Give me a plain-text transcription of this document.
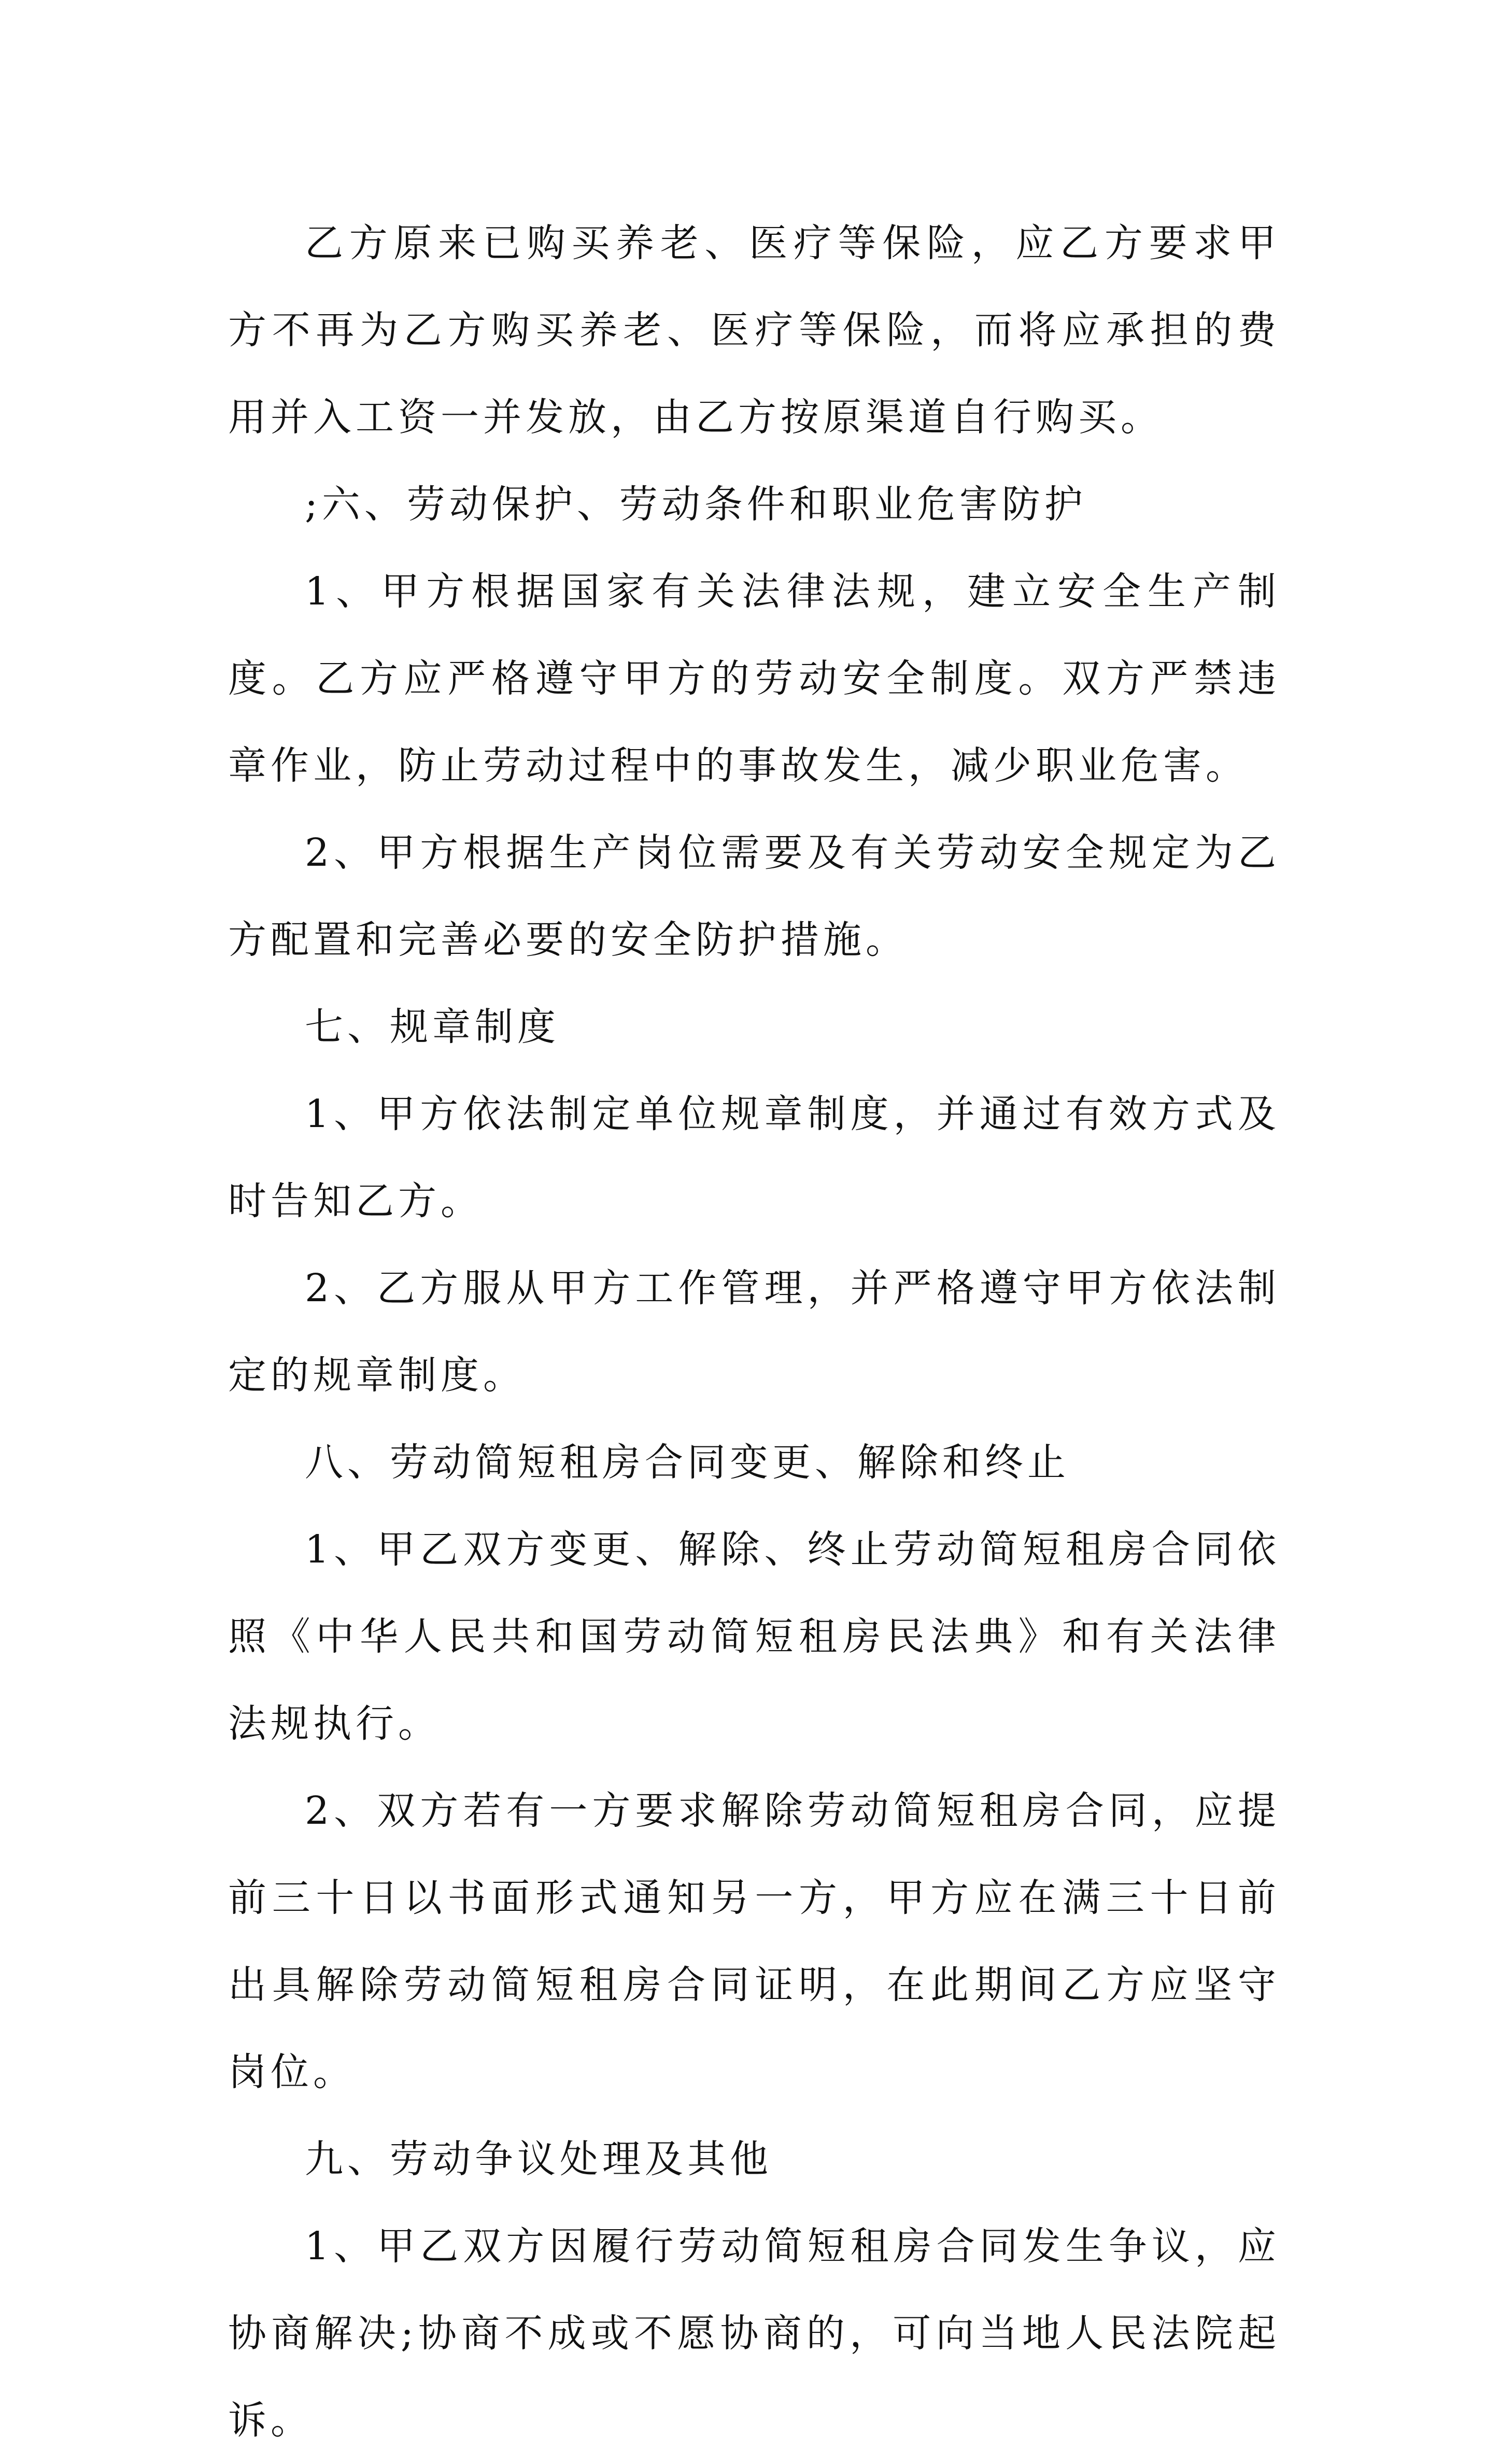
乙方原来已购买养老、医疗等保险，应乙方要求甲方不再为乙方购买养老、医疗等保险，而将应承担的费用并入工资一并发放，由乙方按原渠道自行购买。

;六、劳动保护、劳动条件和职业危害防护

1、甲方根据国家有关法律法规，建立安全生产制度。乙方应严格遵守甲方的劳动安全制度。双方严禁违章作业，防止劳动过程中的事故发生，减少职业危害。

2、甲方根据生产岗位需要及有关劳动安全规定为乙方配置和完善必要的安全防护措施。

七、规章制度

1、甲方依法制定单位规章制度，并通过有效方式及时告知乙方。

2、乙方服从甲方工作管理，并严格遵守甲方依法制定的规章制度。

八、劳动简短租房合同变更、解除和终止

1、甲乙双方变更、解除、终止劳动简短租房合同依照《中华人民共和国劳动简短租房民法典》和有关法律法规执行。

2、双方若有一方要求解除劳动简短租房合同，应提前三十日以书面形式通知另一方，甲方应在满三十日前出具解除劳动简短租房合同证明，在此期间乙方应坚守岗位。

九、劳动争议处理及其他

1、甲乙双方因履行劳动简短租房合同发生争议，应协商解决;协商不成或不愿协商的，可向当地人民法院起诉。
